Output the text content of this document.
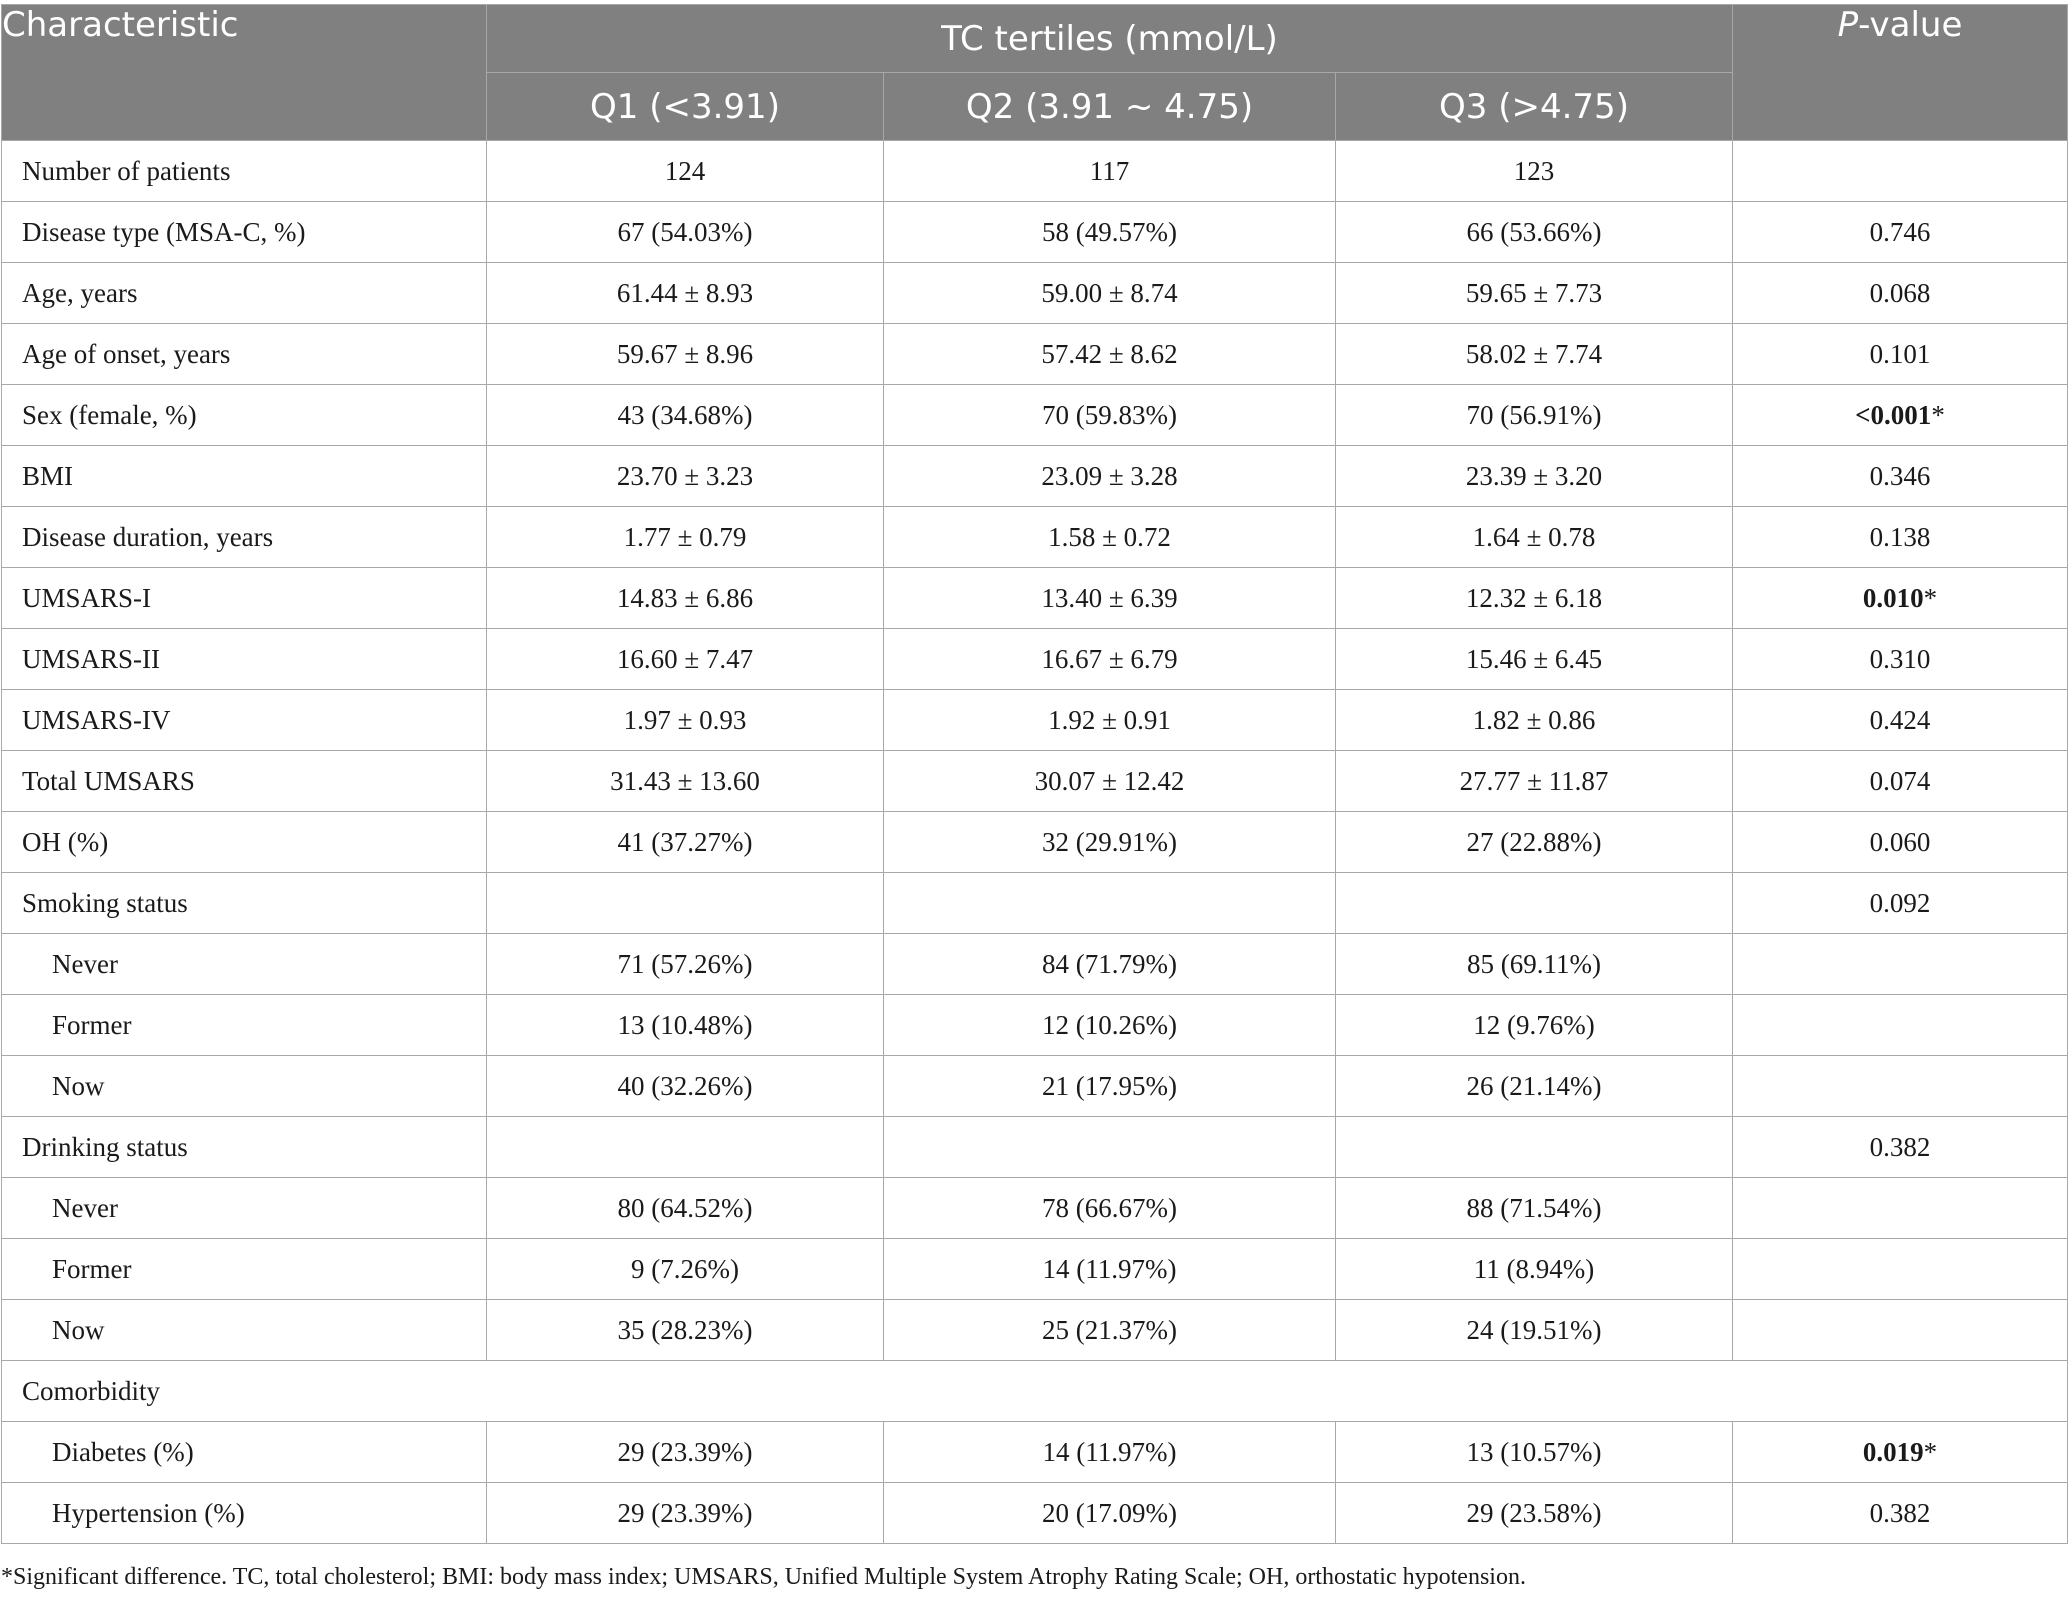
Characteristic	TC tertiles (mmol/L)			P-value
	Q1 (<3.91)	Q2 (3.91 ~ 4.75)	Q3 (>4.75)	
Number of patients	124	117	123	
Disease type (MSA-C, %)	67 (54.03%)	58 (49.57%)	66 (53.66%)	0.746
Age, years	61.44 ± 8.93	59.00 ± 8.74	59.65 ± 7.73	0.068
Age of onset, years	59.67 ± 8.96	57.42 ± 8.62	58.02 ± 7.74	0.101
Sex (female, %)	43 (34.68%)	70 (59.83%)	70 (56.91%)	<0.001*
BMI	23.70 ± 3.23	23.09 ± 3.28	23.39 ± 3.20	0.346
Disease duration, years	1.77 ± 0.79	1.58 ± 0.72	1.64 ± 0.78	0.138
UMSARS-I	14.83 ± 6.86	13.40 ± 6.39	12.32 ± 6.18	0.010*
UMSARS-II	16.60 ± 7.47	16.67 ± 6.79	15.46 ± 6.45	0.310
UMSARS-IV	1.97 ± 0.93	1.92 ± 0.91	1.82 ± 0.86	0.424
Total UMSARS	31.43 ± 13.60	30.07 ± 12.42	27.77 ± 11.87	0.074
OH (%)	41 (37.27%)	32 (29.91%)	27 (22.88%)	0.060
Smoking status				0.092
Never	71 (57.26%)	84 (71.79%)	85 (69.11%)	
Former	13 (10.48%)	12 (10.26%)	12 (9.76%)	
Now	40 (32.26%)	21 (17.95%)	26 (21.14%)	
Drinking status				0.382
Never	80 (64.52%)	78 (66.67%)	88 (71.54%)	
Former	9 (7.26%)	14 (11.97%)	11 (8.94%)	
Now	35 (28.23%)	25 (21.37%)	24 (19.51%)	
Comorbidity				
Diabetes (%)	29 (23.39%)	14 (11.97%)	13 (10.57%)	0.019*
Hypertension (%)	29 (23.39%)	20 (17.09%)	29 (23.58%)	0.382
*Significant difference. TC, total cholesterol; BMI: body mass index; UMSARS, Unified Multiple System Atrophy Rating Scale; OH, orthostatic hypotension.
